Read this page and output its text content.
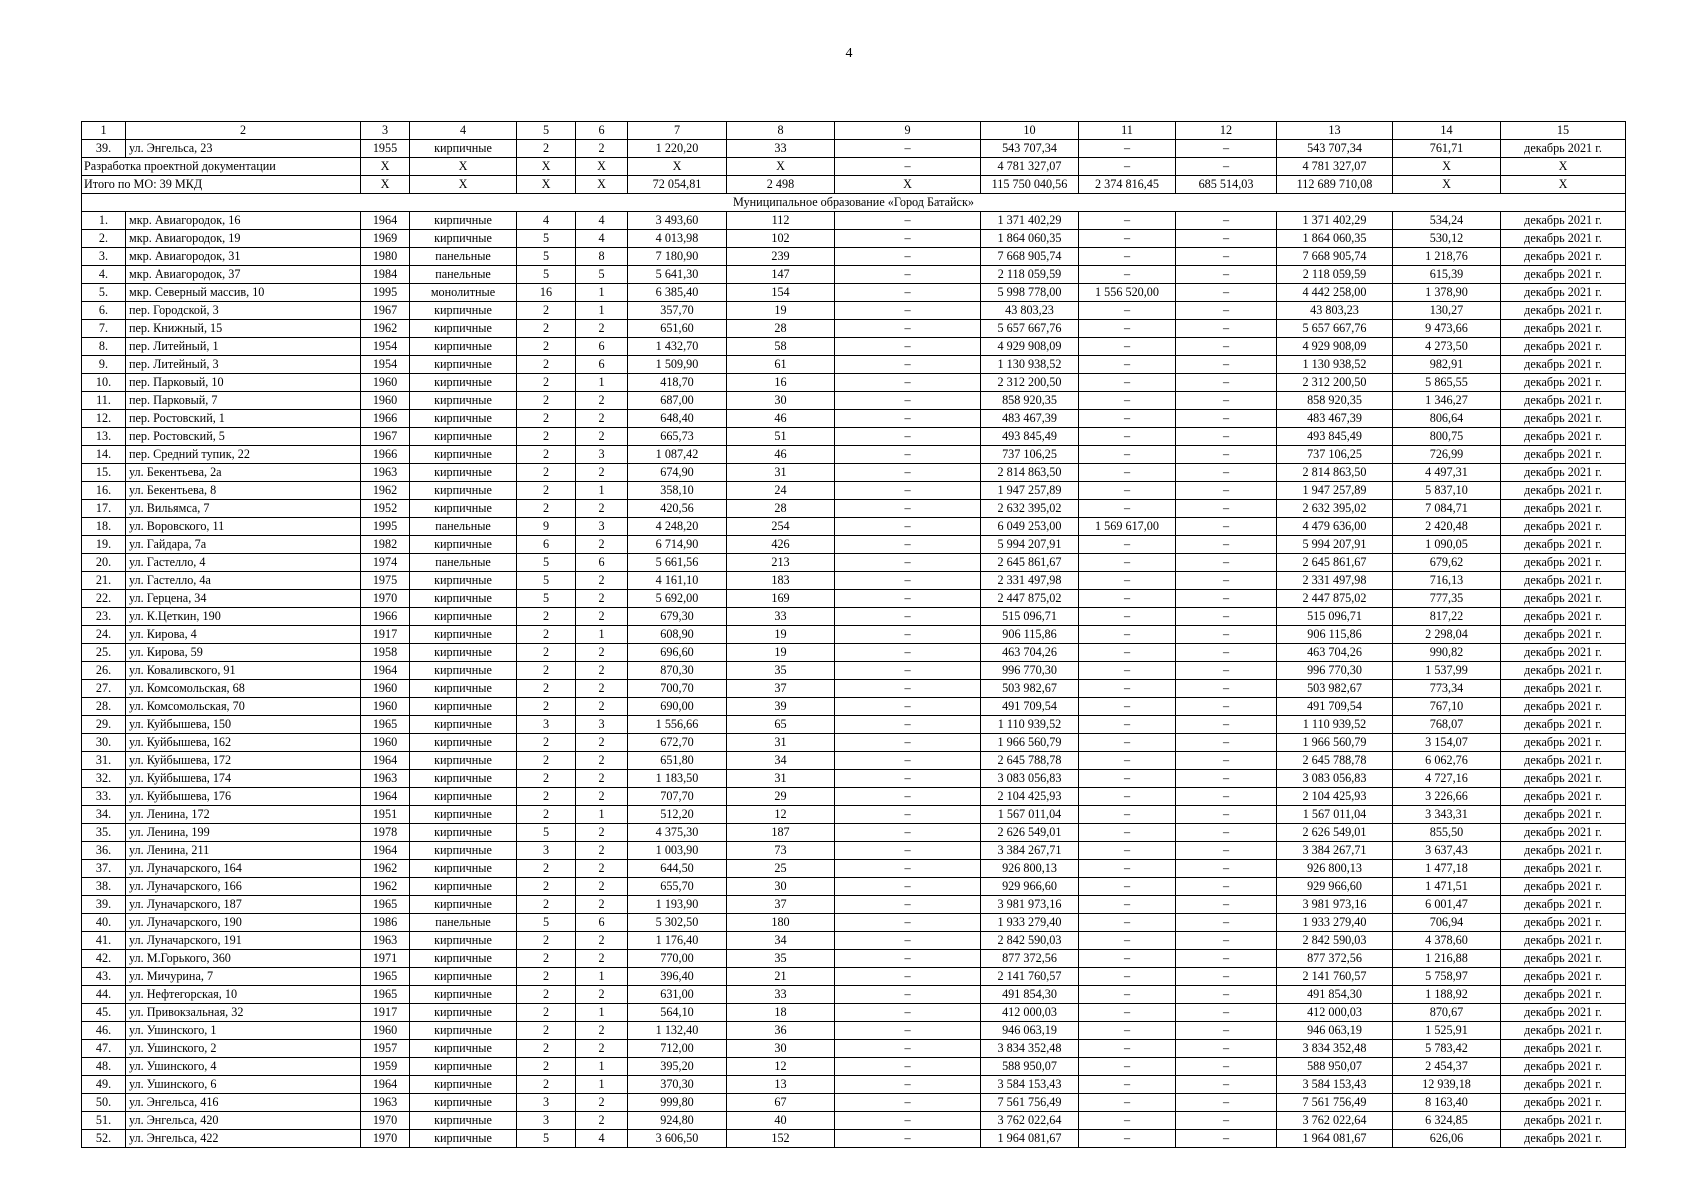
4
1	2	3	4	5	6	7	8	9	10	11	12	13	14	15
39.	ул. Энгельса, 23	1955	кирпичные	2	2	1 220,20	33	–	543 707,34	–	–	543 707,34	761,71	декабрь 2021 г.
Разработка проектной документации		X	X	X	X	X	X	–	4 781 327,07	–	–	4 781 327,07	X	X
Итого по МО: 39 МКД		X	X	X	X	72 054,81	2 498	X	115 750 040,56	2 374 816,45	685 514,03	112 689 710,08	X	X
Муниципальное образование «Город Батайск»														
1.	мкр. Авиагородок, 16	1964	кирпичные	4	4	3 493,60	112	–	1 371 402,29	–	–	1 371 402,29	534,24	декабрь 2021 г.
2.	мкр. Авиагородок, 19	1969	кирпичные	5	4	4 013,98	102	–	1 864 060,35	–	–	1 864 060,35	530,12	декабрь 2021 г.
3.	мкр. Авиагородок, 31	1980	панельные	5	8	7 180,90	239	–	7 668 905,74	–	–	7 668 905,74	1 218,76	декабрь 2021 г.
4.	мкр. Авиагородок, 37	1984	панельные	5	5	5 641,30	147	–	2 118 059,59	–	–	2 118 059,59	615,39	декабрь 2021 г.
5.	мкр. Северный массив, 10	1995	монолитные	16	1	6 385,40	154	–	5 998 778,00	1 556 520,00	–	4 442 258,00	1 378,90	декабрь 2021 г.
6.	пер. Городской, 3	1967	кирпичные	2	1	357,70	19	–	43 803,23	–	–	43 803,23	130,27	декабрь 2021 г.
7.	пер. Книжный, 15	1962	кирпичные	2	2	651,60	28	–	5 657 667,76	–	–	5 657 667,76	9 473,66	декабрь 2021 г.
8.	пер. Литейный, 1	1954	кирпичные	2	6	1 432,70	58	–	4 929 908,09	–	–	4 929 908,09	4 273,50	декабрь 2021 г.
9.	пер. Литейный, 3	1954	кирпичные	2	6	1 509,90	61	–	1 130 938,52	–	–	1 130 938,52	982,91	декабрь 2021 г.
10.	пер. Парковый, 10	1960	кирпичные	2	1	418,70	16	–	2 312 200,50	–	–	2 312 200,50	5 865,55	декабрь 2021 г.
11.	пер. Парковый, 7	1960	кирпичные	2	2	687,00	30	–	858 920,35	–	–	858 920,35	1 346,27	декабрь 2021 г.
12.	пер. Ростовский, 1	1966	кирпичные	2	2	648,40	46	–	483 467,39	–	–	483 467,39	806,64	декабрь 2021 г.
13.	пер. Ростовский, 5	1967	кирпичные	2	2	665,73	51	–	493 845,49	–	–	493 845,49	800,75	декабрь 2021 г.
14.	пер. Средний тупик, 22	1966	кирпичные	2	3	1 087,42	46	–	737 106,25	–	–	737 106,25	726,99	декабрь 2021 г.
15.	ул. Бекентьева, 2а	1963	кирпичные	2	2	674,90	31	–	2 814 863,50	–	–	2 814 863,50	4 497,31	декабрь 2021 г.
16.	ул. Бекентьева, 8	1962	кирпичные	2	1	358,10	24	–	1 947 257,89	–	–	1 947 257,89	5 837,10	декабрь 2021 г.
17.	ул. Вильямса, 7	1952	кирпичные	2	2	420,56	28	–	2 632 395,02	–	–	2 632 395,02	7 084,71	декабрь 2021 г.
18.	ул. Воровского, 11	1995	панельные	9	3	4 248,20	254	–	6 049 253,00	1 569 617,00	–	4 479 636,00	2 420,48	декабрь 2021 г.
19.	ул. Гайдара, 7а	1982	кирпичные	6	2	6 714,90	426	–	5 994 207,91	–	–	5 994 207,91	1 090,05	декабрь 2021 г.
20.	ул. Гастелло, 4	1974	панельные	5	6	5 661,56	213	–	2 645 861,67	–	–	2 645 861,67	679,62	декабрь 2021 г.
21.	ул. Гастелло, 4а	1975	кирпичные	5	2	4 161,10	183	–	2 331 497,98	–	–	2 331 497,98	716,13	декабрь 2021 г.
22.	ул. Герцена, 34	1970	кирпичные	5	2	5 692,00	169	–	2 447 875,02	–	–	2 447 875,02	777,35	декабрь 2021 г.
23.	ул. К.Цеткин, 190	1966	кирпичные	2	2	679,30	33	–	515 096,71	–	–	515 096,71	817,22	декабрь 2021 г.
24.	ул. Кирова, 4	1917	кирпичные	2	1	608,90	19	–	906 115,86	–	–	906 115,86	2 298,04	декабрь 2021 г.
25.	ул. Кирова, 59	1958	кирпичные	2	2	696,60	19	–	463 704,26	–	–	463 704,26	990,82	декабрь 2021 г.
26.	ул. Коваливского, 91	1964	кирпичные	2	2	870,30	35	–	996 770,30	–	–	996 770,30	1 537,99	декабрь 2021 г.
27.	ул. Комсомольская, 68	1960	кирпичные	2	2	700,70	37	–	503 982,67	–	–	503 982,67	773,34	декабрь 2021 г.
28.	ул. Комсомольская, 70	1960	кирпичные	2	2	690,00	39	–	491 709,54	–	–	491 709,54	767,10	декабрь 2021 г.
29.	ул. Куйбышева, 150	1965	кирпичные	3	3	1 556,66	65	–	1 110 939,52	–	–	1 110 939,52	768,07	декабрь 2021 г.
30.	ул. Куйбышева, 162	1960	кирпичные	2	2	672,70	31	–	1 966 560,79	–	–	1 966 560,79	3 154,07	декабрь 2021 г.
31.	ул. Куйбышева, 172	1964	кирпичные	2	2	651,80	34	–	2 645 788,78	–	–	2 645 788,78	6 062,76	декабрь 2021 г.
32.	ул. Куйбышева, 174	1963	кирпичные	2	2	1 183,50	31	–	3 083 056,83	–	–	3 083 056,83	4 727,16	декабрь 2021 г.
33.	ул. Куйбышева, 176	1964	кирпичные	2	2	707,70	29	–	2 104 425,93	–	–	2 104 425,93	3 226,66	декабрь 2021 г.
34.	ул. Ленина, 172	1951	кирпичные	2	1	512,20	12	–	1 567 011,04	–	–	1 567 011,04	3 343,31	декабрь 2021 г.
35.	ул. Ленина, 199	1978	кирпичные	5	2	4 375,30	187	–	2 626 549,01	–	–	2 626 549,01	855,50	декабрь 2021 г.
36.	ул. Ленина, 211	1964	кирпичные	3	2	1 003,90	73	–	3 384 267,71	–	–	3 384 267,71	3 637,43	декабрь 2021 г.
37.	ул. Луначарского, 164	1962	кирпичные	2	2	644,50	25	–	926 800,13	–	–	926 800,13	1 477,18	декабрь 2021 г.
38.	ул. Луначарского, 166	1962	кирпичные	2	2	655,70	30	–	929 966,60	–	–	929 966,60	1 471,51	декабрь 2021 г.
39.	ул. Луначарского, 187	1965	кирпичные	2	2	1 193,90	37	–	3 981 973,16	–	–	3 981 973,16	6 001,47	декабрь 2021 г.
40.	ул. Луначарского, 190	1986	панельные	5	6	5 302,50	180	–	1 933 279,40	–	–	1 933 279,40	706,94	декабрь 2021 г.
41.	ул. Луначарского, 191	1963	кирпичные	2	2	1 176,40	34	–	2 842 590,03	–	–	2 842 590,03	4 378,60	декабрь 2021 г.
42.	ул. М.Горького, 360	1971	кирпичные	2	2	770,00	35	–	877 372,56	–	–	877 372,56	1 216,88	декабрь 2021 г.
43.	ул. Мичурина, 7	1965	кирпичные	2	1	396,40	21	–	2 141 760,57	–	–	2 141 760,57	5 758,97	декабрь 2021 г.
44.	ул. Нефтегорская, 10	1965	кирпичные	2	2	631,00	33	–	491 854,30	–	–	491 854,30	1 188,92	декабрь 2021 г.
45.	ул. Привокзальная, 32	1917	кирпичные	2	1	564,10	18	–	412 000,03	–	–	412 000,03	870,67	декабрь 2021 г.
46.	ул. Ушинского, 1	1960	кирпичные	2	2	1 132,40	36	–	946 063,19	–	–	946 063,19	1 525,91	декабрь 2021 г.
47.	ул. Ушинского, 2	1957	кирпичные	2	2	712,00	30	–	3 834 352,48	–	–	3 834 352,48	5 783,42	декабрь 2021 г.
48.	ул. Ушинского, 4	1959	кирпичные	2	1	395,20	12	–	588 950,07	–	–	588 950,07	2 454,37	декабрь 2021 г.
49.	ул. Ушинского, 6	1964	кирпичные	2	1	370,30	13	–	3 584 153,43	–	–	3 584 153,43	12 939,18	декабрь 2021 г.
50.	ул. Энгельса, 416	1963	кирпичные	3	2	999,80	67	–	7 561 756,49	–	–	7 561 756,49	8 163,40	декабрь 2021 г.
51.	ул. Энгельса, 420	1970	кирпичные	3	2	924,80	40	–	3 762 022,64	–	–	3 762 022,64	6 324,85	декабрь 2021 г.
52.	ул. Энгельса, 422	1970	кирпичные	5	4	3 606,50	152	–	1 964 081,67	–	–	1 964 081,67	626,06	декабрь 2021 г.
